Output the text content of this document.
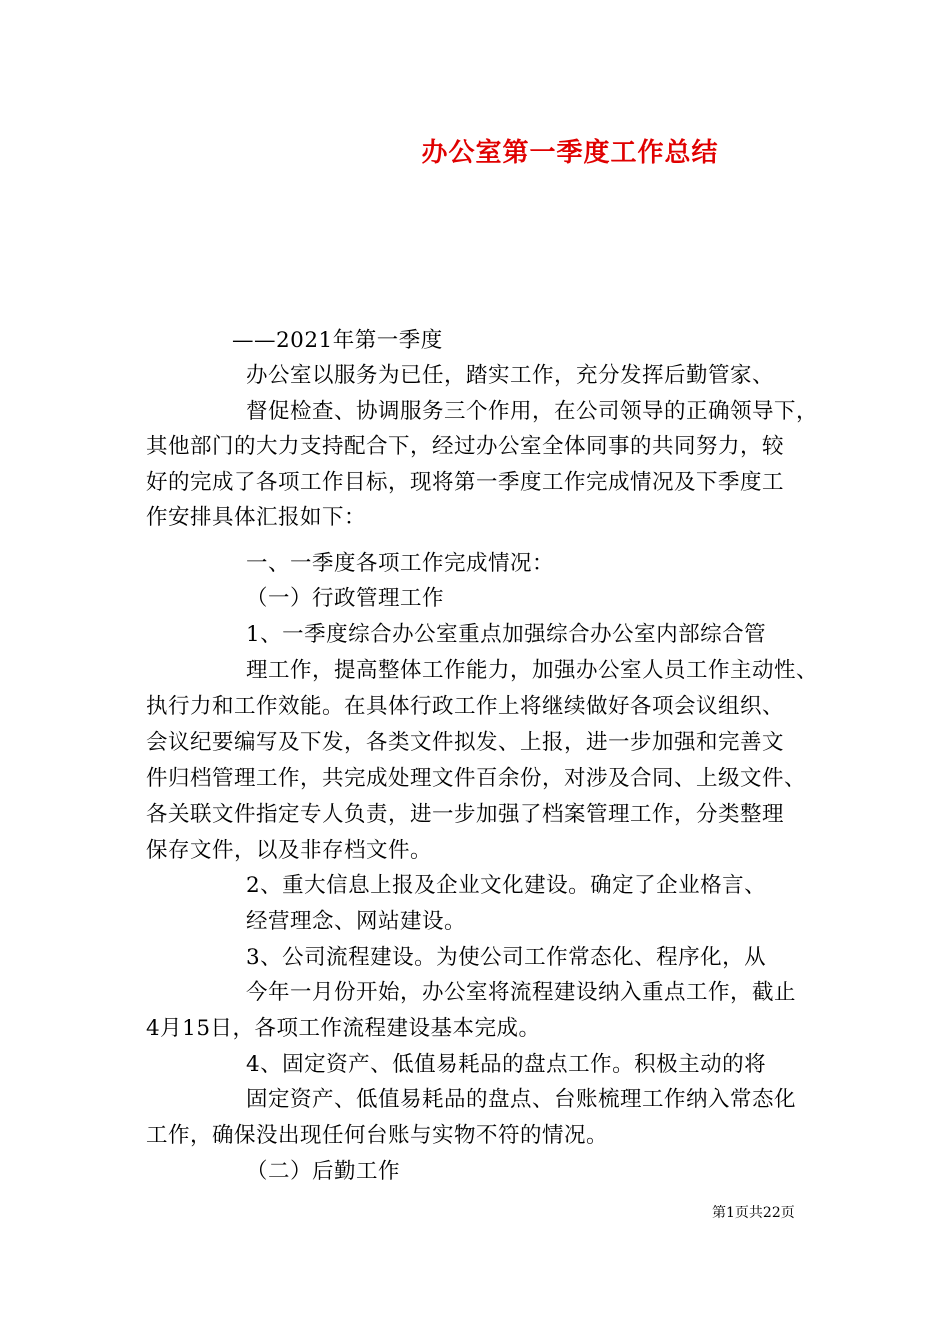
办公室第一季度工作总结
——2021年第一季度
办公室以服务为已任，踏实工作，充分发挥后勤管家、
督促检查、协调服务三个作用，在公司领导的正确领导下，
其他部门的大力支持配合下，经过办公室全体同事的共同努力，较
好的完成了各项工作目标，现将第一季度工作完成情况及下季度工
作安排具体汇报如下：
一、一季度各项工作完成情况：
（一）行政管理工作
1、一季度综合办公室重点加强综合办公室内部综合管
理工作，提高整体工作能力，加强办公室人员工作主动性、
执行力和工作效能。在具体行政工作上将继续做好各项会议组织、
会议纪要编写及下发，各类文件拟发、上报，进一步加强和完善文
件归档管理工作，共完成处理文件百余份，对涉及合同、上级文件、
各关联文件指定专人负责，进一步加强了档案管理工作，分类整理
保存文件，以及非存档文件。
2、重大信息上报及企业文化建设。确定了企业格言、
经营理念、网站建设。
3、公司流程建设。为使公司工作常态化、程序化，从
今年一月份开始，办公室将流程建设纳入重点工作，截止
4月15日，各项工作流程建设基本完成。
4、固定资产、低值易耗品的盘点工作。积极主动的将
固定资产、低值易耗品的盘点、台账梳理工作纳入常态化
工作，确保没出现任何台账与实物不符的情况。
（二）后勤工作
第1页共22页
